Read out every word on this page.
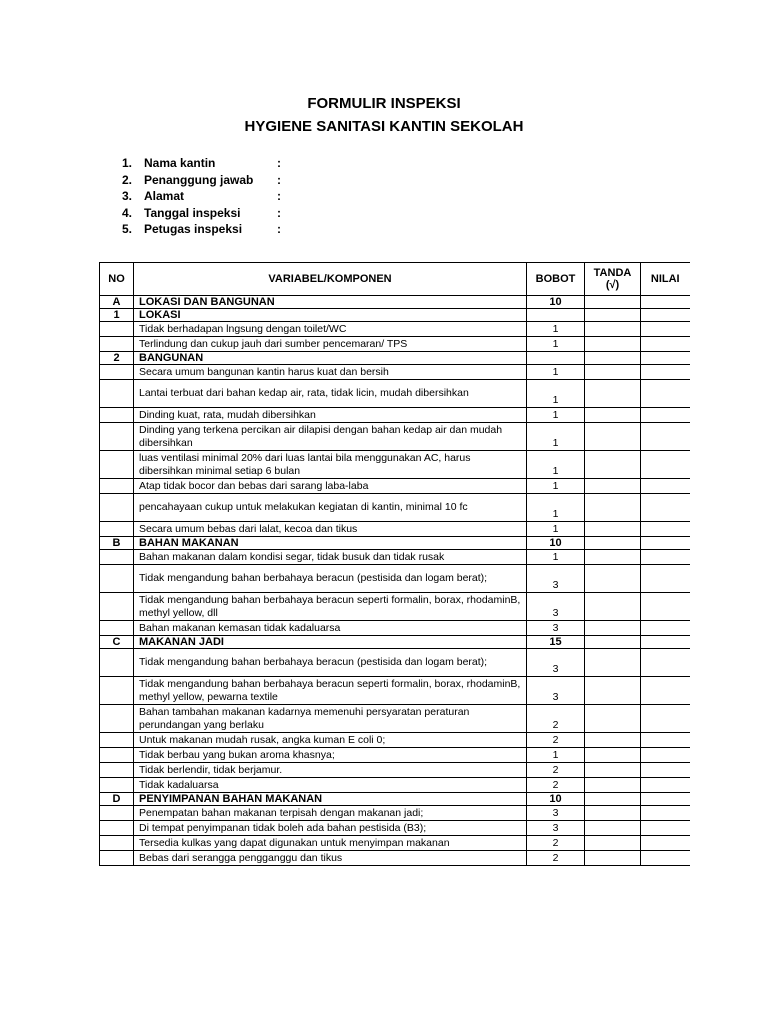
FORMULIR INSPEKSI
HYGIENE SANITASI KANTIN SEKOLAH
1. Nama kantin	:
2. Penanggung jawab :
3. Alamat	:
4. Tanggal inspeksi	:
5. Petugas inspeksi	:
NO	VARIABEL/KOMPONEN	BOBOT	TANDA (√)	NILAI
A	LOKASI DAN BANGUNAN	10		
1	LOKASI			
	Tidak berhadapan lngsung dengan toilet/WC	1		
	Terlindung dan cukup jauh dari sumber pencemaran/ TPS	1		
2	BANGUNAN			
	Secara umum bangunan kantin harus kuat dan bersih	1		
	Lantai terbuat dari bahan kedap air, rata, tidak licin, mudah dibersihkan	1		
	Dinding kuat, rata, mudah dibersihkan	1		
	Dinding yang terkena percikan air dilapisi dengan bahan kedap air dan mudah dibersihkan	1		
	luas ventilasi minimal 20% dari luas lantai bila menggunakan AC, harus dibersihkan minimal setiap 6 bulan	1		
	Atap tidak bocor dan bebas dari sarang laba-laba	1		
	pencahayaan cukup untuk melakukan kegiatan di kantin, minimal 10 fc	1		
	Secara umum bebas dari lalat, kecoa dan tikus	1		
B	BAHAN MAKANAN	10		
	Bahan makanan dalam kondisi segar, tidak busuk dan tidak rusak	1		
	Tidak mengandung bahan berbahaya beracun (pestisida dan logam berat);	3		
	Tidak mengandung bahan berbahaya beracun seperti formalin, borax, rhodaminB, methyl yellow, dll	3		
	Bahan makanan kemasan tidak kadaluarsa	3		
C	MAKANAN JADI	15		
	Tidak mengandung bahan berbahaya beracun (pestisida dan logam berat);	3		
	Tidak mengandung bahan berbahaya beracun seperti formalin, borax, rhodaminB, methyl yellow, pewarna textile	3		
	Bahan tambahan makanan kadarnya memenuhi persyaratan peraturan perundangan yang berlaku	2		
	Untuk makanan mudah rusak, angka kuman E coli 0;	2		
	Tidak berbau yang bukan aroma khasnya;	1		
	Tidak berlendir, tidak berjamur.	2		
	Tidak kadaluarsa	2		
D	PENYIMPANAN BAHAN MAKANAN	10		
	Penempatan bahan makanan terpisah dengan makanan jadi;	3		
	Di tempat penyimpanan tidak boleh ada bahan pestisida (B3);	3		
	Tersedia kulkas yang dapat digunakan untuk menyimpan makanan	2		
	Bebas dari serangga pengganggu dan tikus	2		
